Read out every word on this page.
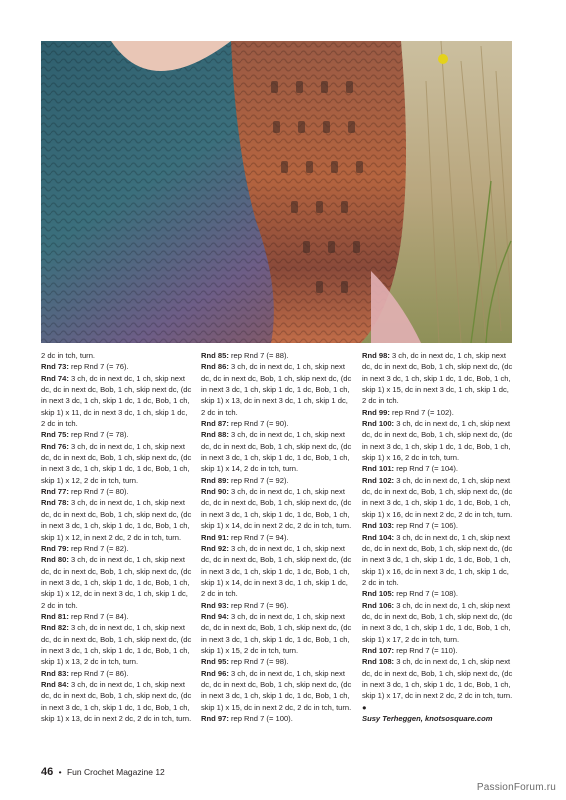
2 dc in tch, turn.

Rnd 73: rep Rnd 7 (= 76).

Rnd 74: 3 ch, dc in next dc, 1 ch, skip next dc, dc in next dc, Bob, 1 ch, skip next dc, (dc in next 3 dc, 1 ch, skip 1 dc, 1 dc, Bob, 1 ch, skip 1) x 11, dc in next 3 dc, 1 ch, skip 1 dc, 2 dc in tch.

Rnd 75: rep Rnd 7 (= 78).

Rnd 76: 3 ch, dc in next dc, 1 ch, skip next dc, dc in next dc, Bob, 1 ch, skip next dc, (dc in next 3 dc, 1 ch, skip 1 dc, 1 dc, Bob, 1 ch, skip 1) x 12, 2 dc in tch, turn.

Rnd 77: rep Rnd 7 (= 80).

Rnd 78: 3 ch, dc in next dc, 1 ch, skip next dc, dc in next dc, Bob, 1 ch, skip next dc, (dc in next 3 dc, 1 ch, skip 1 dc, 1 dc, Bob, 1 ch, skip 1) x 12, in next 2 dc, 2 dc in tch, turn.

Rnd 79: rep Rnd 7 (= 82).

Rnd 80: 3 ch, dc in next dc, 1 ch, skip next dc, dc in next dc, Bob, 1 ch, skip next dc, (dc in next 3 dc, 1 ch, skip 1 dc, 1 dc, Bob, 1 ch, skip 1) x 12, dc in next 3 dc, 1 ch, skip 1 dc, 2 dc in tch.

Rnd 81: rep Rnd 7 (= 84).

Rnd 82: 3 ch, dc in next dc, 1 ch, skip next dc, dc in next dc, Bob, 1 ch, skip next dc, (dc in next 3 dc, 1 ch, skip 1 dc, 1 dc, Bob, 1 ch, skip 1) x 13, 2 dc in tch, turn.

Rnd 83: rep Rnd 7 (= 86).

Rnd 84: 3 ch, dc in next dc, 1 ch, skip next dc, dc in next dc, Bob, 1 ch, skip next dc, (dc in next 3 dc, 1 ch, skip 1 dc, 1 dc, Bob, 1 ch, skip 1) x 13, dc in next 2 dc, 2 dc in tch, turn.

Rnd 85: rep Rnd 7 (= 88).

Rnd 86: 3 ch, dc in next dc, 1 ch, skip next dc, dc in next dc, Bob, 1 ch, skip next dc, (dc in next 3 dc, 1 ch, skip 1 dc, 1 dc, Bob, 1 ch, skip 1) x 13, dc in next 3 dc, 1 ch, skip 1 dc, 2 dc in tch.

Rnd 87: rep Rnd 7 (= 90).

Rnd 88: 3 ch, dc in next dc, 1 ch, skip next dc, dc in next dc, Bob, 1 ch, skip next dc, (dc in next 3 dc, 1 ch, skip 1 dc, 1 dc, Bob, 1 ch, skip 1) x 14, 2 dc in tch, turn.

Rnd 89: rep Rnd 7 (= 92).

Rnd 90: 3 ch, dc in next dc, 1 ch, skip next dc, dc in next dc, Bob, 1 ch, skip next dc, (dc in next 3 dc, 1 ch, skip 1 dc, 1 dc, Bob, 1 ch, skip 1) x 14, dc in next 2 dc, 2 dc in tch, turn.

Rnd 91: rep Rnd 7 (= 94).

Rnd 92: 3 ch, dc in next dc, 1 ch, skip next dc, dc in next dc, Bob, 1 ch, skip next dc, (dc in next 3 dc, 1 ch, skip 1 dc, 1 dc, Bob, 1 ch, skip 1) x 14, dc in next 3 dc, 1 ch, skip 1 dc, 2 dc in tch.

Rnd 93: rep Rnd 7 (= 96).

Rnd 94: 3 ch, dc in next dc, 1 ch, skip next dc, dc in next dc, Bob, 1 ch, skip next dc, (dc in next 3 dc, 1 ch, skip 1 dc, 1 dc, Bob, 1 ch, skip 1) x 15, 2 dc in tch, turn.

Rnd 95: rep Rnd 7 (= 98).

Rnd 96: 3 ch, dc in next dc, 1 ch, skip next dc, dc in next dc, Bob, 1 ch, skip next dc, (dc in next 3 dc, 1 ch, skip 1 dc, 1 dc, Bob, 1 ch, skip 1) x 15, dc in next 2 dc, 2 dc in tch, turn.

Rnd 97: rep Rnd 7 (= 100).

Rnd 98: 3 ch, dc in next dc, 1 ch, skip next dc, dc in next dc, Bob, 1 ch, skip next dc, (dc in next 3 dc, 1 ch, skip 1 dc, 1 dc, Bob, 1 ch, skip 1) x 15, dc in next 3 dc, 1 ch, skip 1 dc, 2 dc in tch.

Rnd 99: rep Rnd 7 (= 102).

Rnd 100: 3 ch, dc in next dc, 1 ch, skip next dc, dc in next dc, Bob, 1 ch, skip next dc, (dc in next 3 dc, 1 ch, skip 1 dc, 1 dc, Bob, 1 ch, skip 1) x 16, 2 dc in tch, turn.

Rnd 101: rep Rnd 7 (= 104).

Rnd 102: 3 ch, dc in next dc, 1 ch, skip next dc, dc in next dc, Bob, 1 ch, skip next dc, (dc in next 3 dc, 1 ch, skip 1 dc, 1 dc, Bob, 1 ch, skip 1) x 16, dc in next 2 dc, 2 dc in tch, turn.

Rnd 103: rep Rnd 7 (= 106).

Rnd 104: 3 ch, dc in next dc, 1 ch, skip next dc, dc in next dc, Bob, 1 ch, skip next dc, (dc in next 3 dc, 1 ch, skip 1 dc, 1 dc, Bob, 1 ch, skip 1) x 16, dc in next 3 dc, 1 ch, skip 1 dc, 2 dc in tch.

Rnd 105: rep Rnd 7 (= 108).

Rnd 106: 3 ch, dc in next dc, 1 ch, skip next dc, dc in next dc, Bob, 1 ch, skip next dc, (dc in next 3 dc, 1 ch, skip 1 dc, 1 dc, Bob, 1 ch, skip 1) x 17, 2 dc in tch, turn.

Rnd 107: rep Rnd 7 (= 110).

Rnd 108: 3 ch, dc in next dc, 1 ch, skip next dc, dc in next dc, Bob, 1 ch, skip next dc, (dc in next 3 dc, 1 ch, skip 1 dc, 1 dc, Bob, 1 ch, skip 1) x 17, dc in next 2 dc, 2 dc in tch, turn. ●

Susy Terheggen, knotsosquare.com

46 • Fun Crochet Magazine 12
PassionForum.ru
